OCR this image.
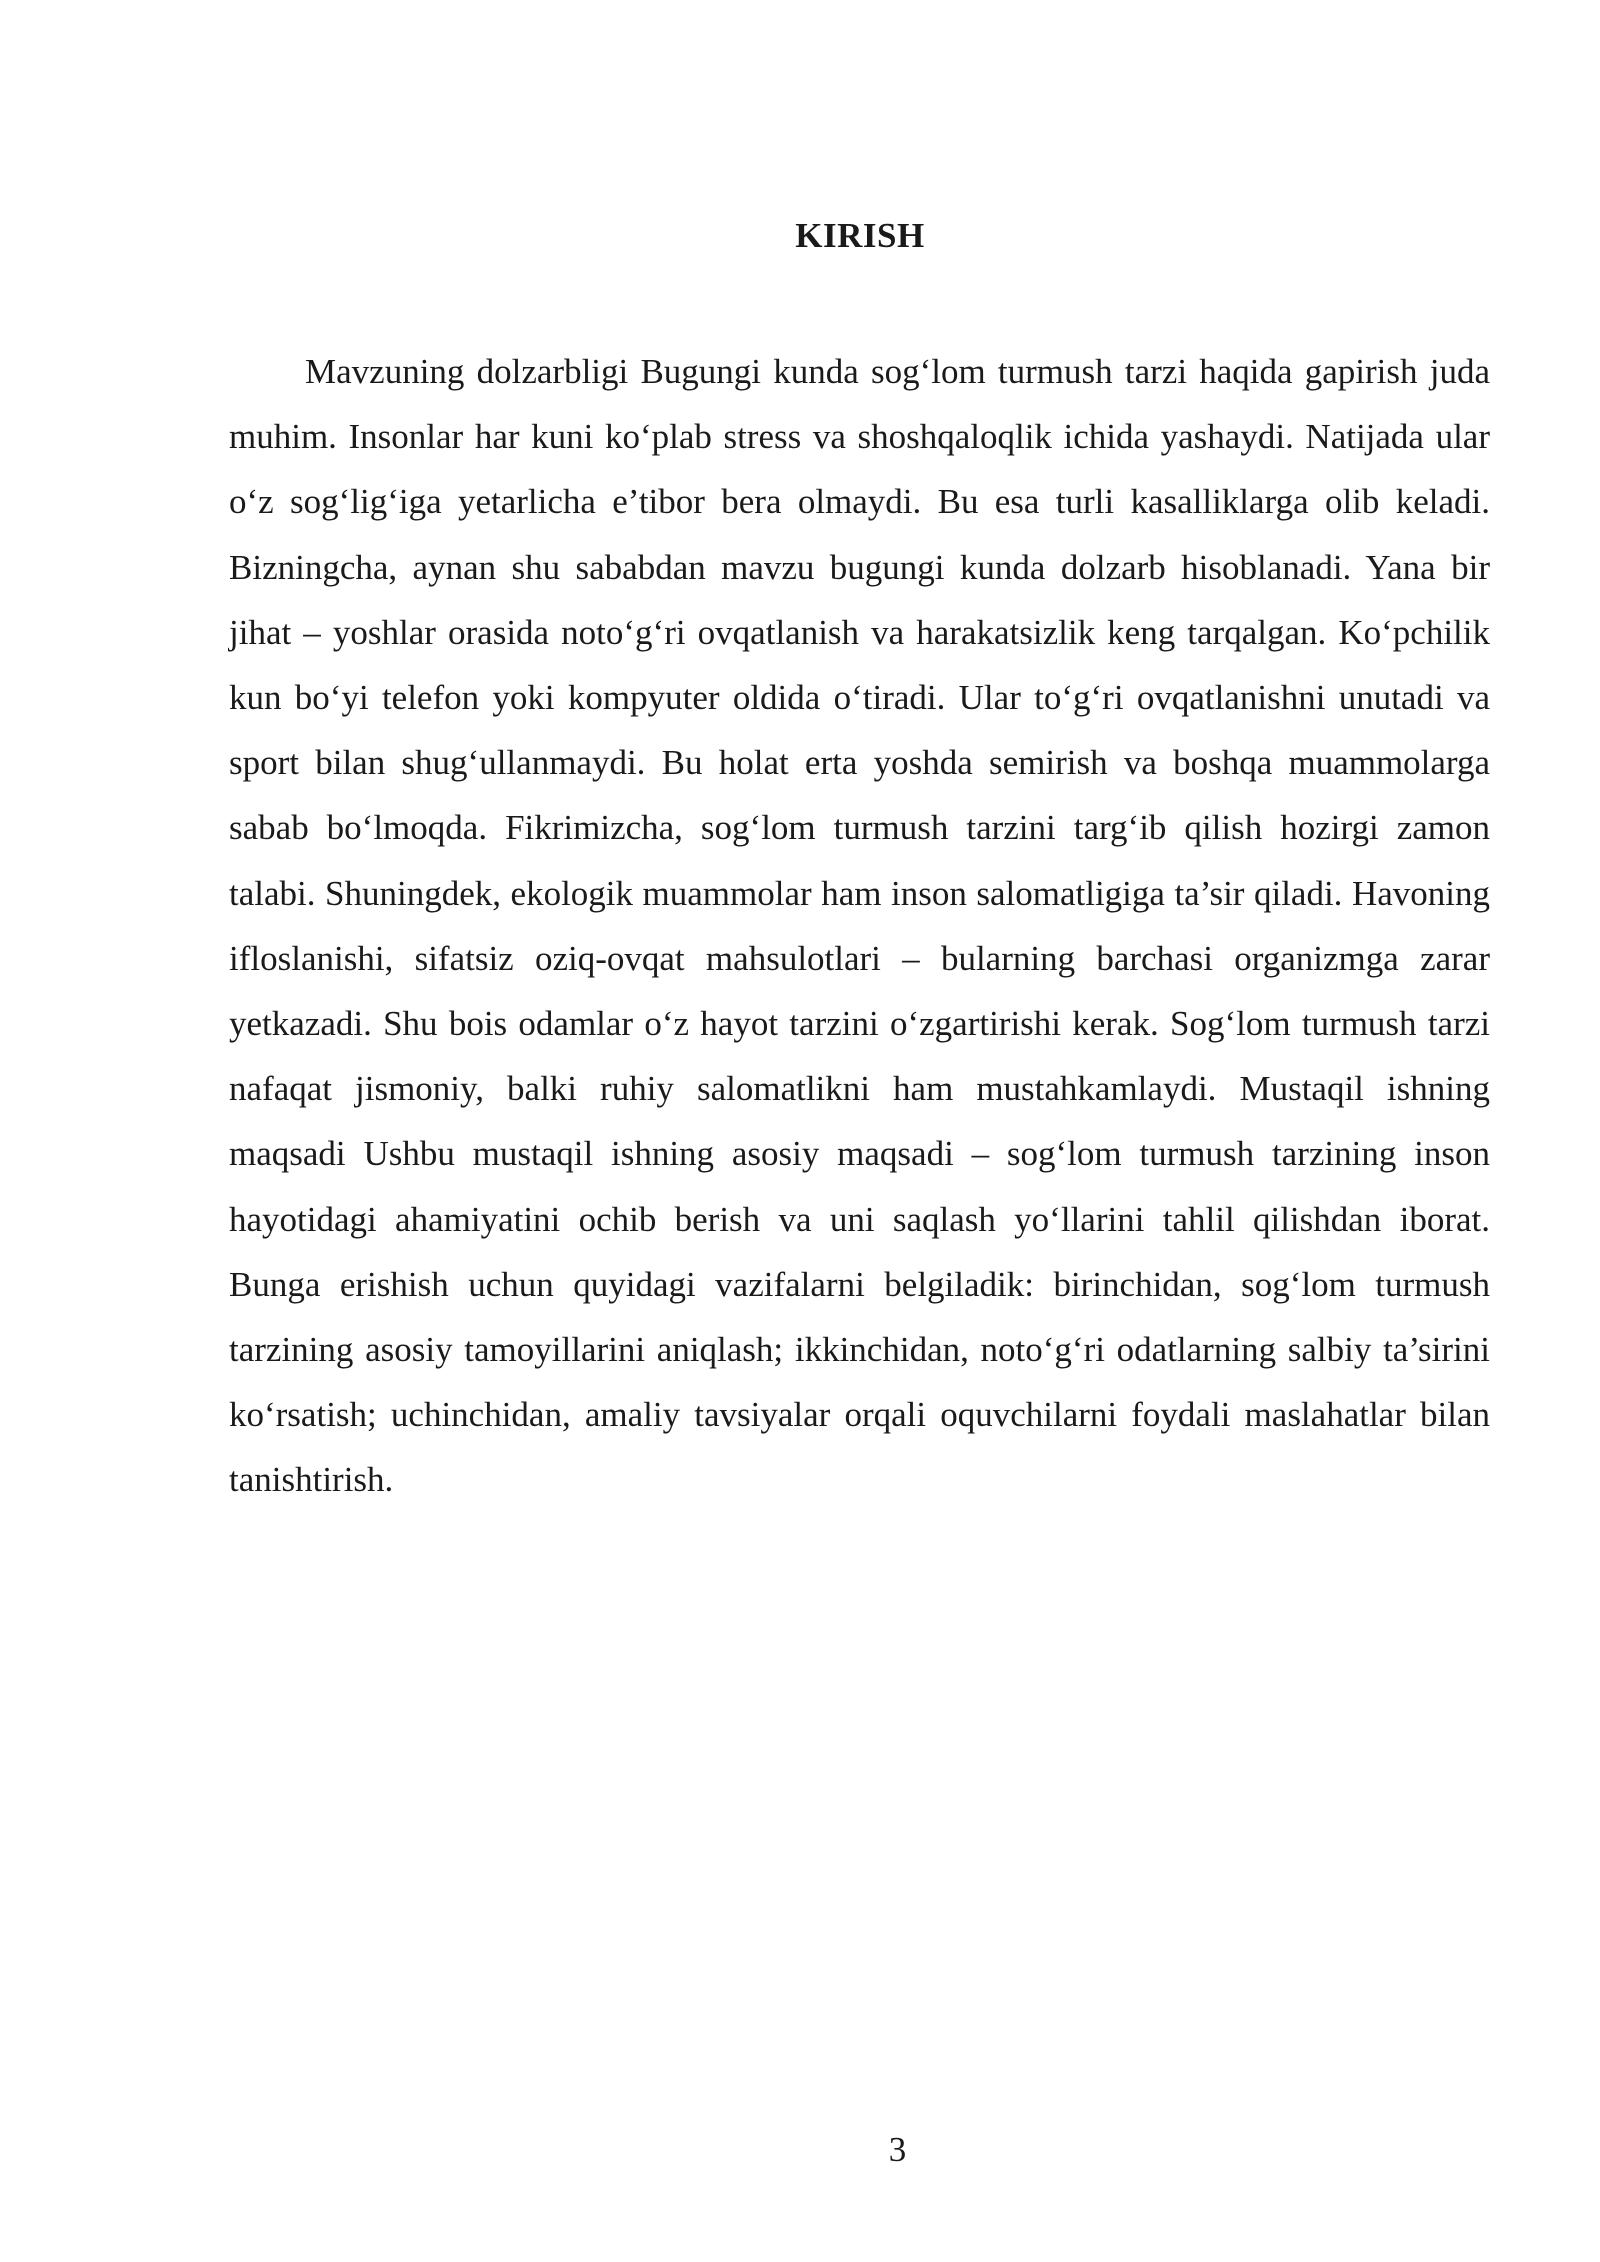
KIRISH

Mavzuning dolzarbligi Bugungi kunda sog‘lom turmush tarzi haqida gapirish juda muhim. Insonlar har kuni ko‘plab stress va shoshqaloqlik ichida yashaydi. Natijada ular o‘z sog‘lig‘iga yetarlicha e’tibor bera olmaydi. Bu esa turli kasalliklarga olib keladi. Bizningcha, aynan shu sababdan mavzu bugungi kunda dolzarb hisoblanadi. Yana bir jihat – yoshlar orasida noto‘g‘ri ovqatlanish va harakatsizlik keng tarqalgan. Ko‘pchilik kun bo‘yi telefon yoki kompyuter oldida o‘tiradi. Ular to‘g‘ri ovqatlanishni unutadi va sport bilan shug‘ullanmaydi. Bu holat erta yoshda semirish va boshqa muammolarga sabab bo‘lmoqda. Fikrimizcha, sog‘lom turmush tarzini targ‘ib qilish hozirgi zamon talabi. Shuningdek, ekologik muammolar ham inson salomatligiga ta’sir qiladi. Havoning ifloslanishi, sifatsiz oziq-ovqat mahsulotlari – bularning barchasi organizmga zarar yetkazadi. Shu bois odamlar o‘z hayot tarzini o‘zgartirishi kerak. Sog‘lom turmush tarzi nafaqat jismoniy, balki ruhiy salomatlikni ham mustahkamlaydi. Mustaqil ishning maqsadi Ushbu mustaqil ishning asosiy maqsadi – sog‘lom turmush tarzining inson hayotidagi ahamiyatini ochib berish va uni saqlash yo‘llarini tahlil qilishdan iborat. Bunga erishish uchun quyidagi vazifalarni belgiladik: birinchidan, sog‘lom turmush tarzining asosiy tamoyillarini aniqlash; ikkinchidan, noto‘g‘ri odatlarning salbiy ta’sirini ko‘rsatish; uchinchidan, amaliy tavsiyalar orqali oquvchilarni foydali maslahatlar bilan tanishtirish.

3
